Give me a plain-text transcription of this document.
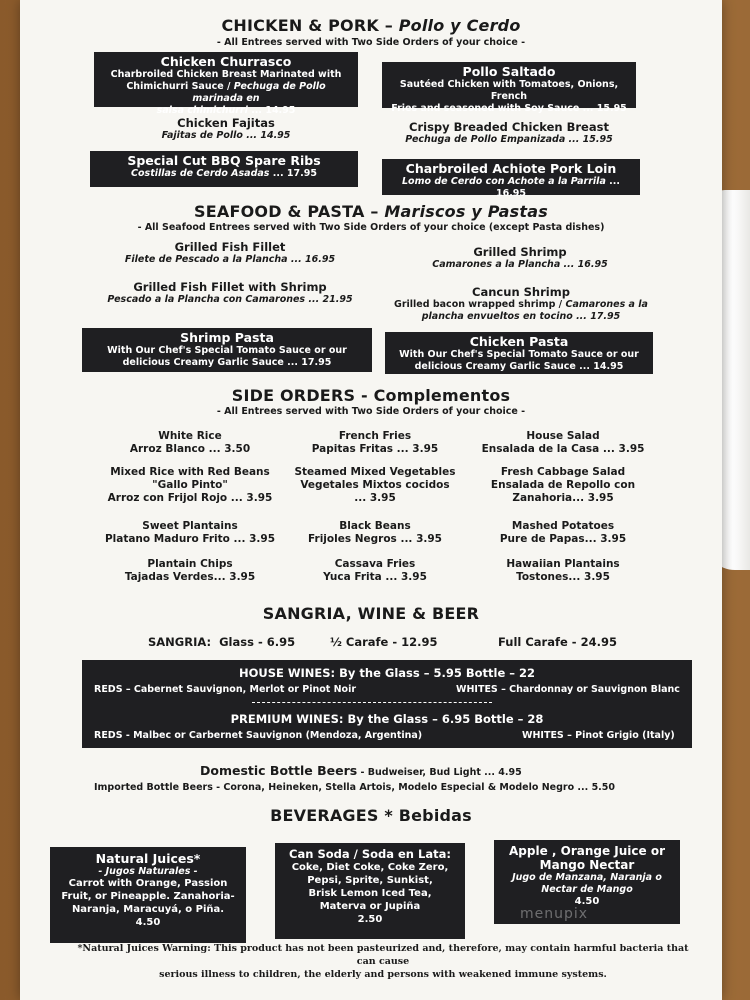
CHICKEN & PORK – Pollo y Cerdo
- All Entrees served with Two Side Orders of your choice -
Chicken Churrasco
Charbroiled Chicken Breast Marinated with
Chimichurri Sauce / Pechuga de Pollo marinada en
salsa chimichurri ... 14.95
Pollo Saltado
Sautéed Chicken with Tomatoes, Onions, French
Fries and seasoned with Soy Sauce ... 15.95
Chicken Fajitas
Fajitas de Pollo ... 14.95
Crispy Breaded Chicken Breast
Pechuga de Pollo Empanizada ... 15.95
Special Cut BBQ Spare Ribs
Costillas de Cerdo Asadas ... 17.95	Charbroiled Achiote Pork Loin
Lomo de Cerdo con Achote a la Parrila ... 16.95
SEAFOOD & PASTA – Mariscos y Pastas
- All Seafood Entrees served with Two Side Orders of your choice (except Pasta dishes)
Grilled Fish Fillet
Filete de Pescado a la Plancha ... 16.95
Grilled Shrimp
Camarones a la Plancha ... 16.95
Grilled Fish Fillet with Shrimp
Pescado a la Plancha con Camarones ... 21.95
Cancun Shrimp
Grilled bacon wrapped shrimp / Camarones a la
plancha envueltos en tocino ... 17.95
Shrimp Pasta
With Our Chef's Special Tomato Sauce or our
delicious Creamy Garlic Sauce ... 17.95
Chicken Pasta
With Our Chef's Special Tomato Sauce or our
delicious Creamy Garlic Sauce ... 14.95
SIDE ORDERS - Complementos
- All Entrees served with Two Side Orders of your choice -
White Rice
Arroz Blanco ... 3.50
French Fries
Papitas Fritas ... 3.95
House Salad
Ensalada de la Casa ... 3.95
Mixed Rice with Red Beans
"Gallo Pinto"
Arroz con Frijol Rojo ... 3.95
Steamed Mixed Vegetables
Vegetales Mixtos cocidos
... 3.95
Fresh Cabbage Salad
Ensalada de Repollo con
Zanahoria... 3.95
Sweet Plantains
Platano Maduro Frito ... 3.95
Black Beans
Frijoles Negros ... 3.95
Mashed Potatoes
Pure de Papas... 3.95
Plantain Chips
Tajadas Verdes... 3.95
Cassava Fries
Yuca Frita ... 3.95
Hawaiian Plantains
Tostones... 3.95
SANGRIA, WINE & BEER
SANGRIA: Glass - 6.95	½ Carafe - 12.95	Full Carafe - 24.95
HOUSE WINES: By the Glass – 5.95 Bottle – 22
REDS – Cabernet Sauvignon, Merlot or Pinot Noir	WHITES – Chardonnay or Sauvignon Blanc
PREMIUM WINES: By the Glass – 6.95 Bottle – 28
REDS - Malbec or Carbernet Sauvignon (Mendoza, Argentina)	WHITES – Pinot Grigio (Italy)
Domestic Bottle Beers - Budweiser, Bud Light ... 4.95
Imported Bottle Beers - Corona, Heineken, Stella Artois, Modelo Especial & Modelo Negro ... 5.50
BEVERAGES * Bebidas
Natural Juices*
- Jugos Naturales -
Carrot with Orange, Passion
Fruit, or Pineapple. Zanahoria-
Naranja, Maracuyá, o Piña.
4.50
Can Soda / Soda en Lata:
Coke, Diet Coke, Coke Zero,
Pepsi, Sprite, Sunkist,
Brisk Lemon Iced Tea,
Materva or Jupiña
2.50
Apple , Orange Juice or
Mango Nectar
Jugo de Manzana, Naranja o
Nectar de Mango
4.50
menupix
*Natural Juices Warning: This product has not been pasteurized and, therefore, may contain harmful bacteria that can cause
serious illness to children, the elderly and persons with weakened immune systems.
